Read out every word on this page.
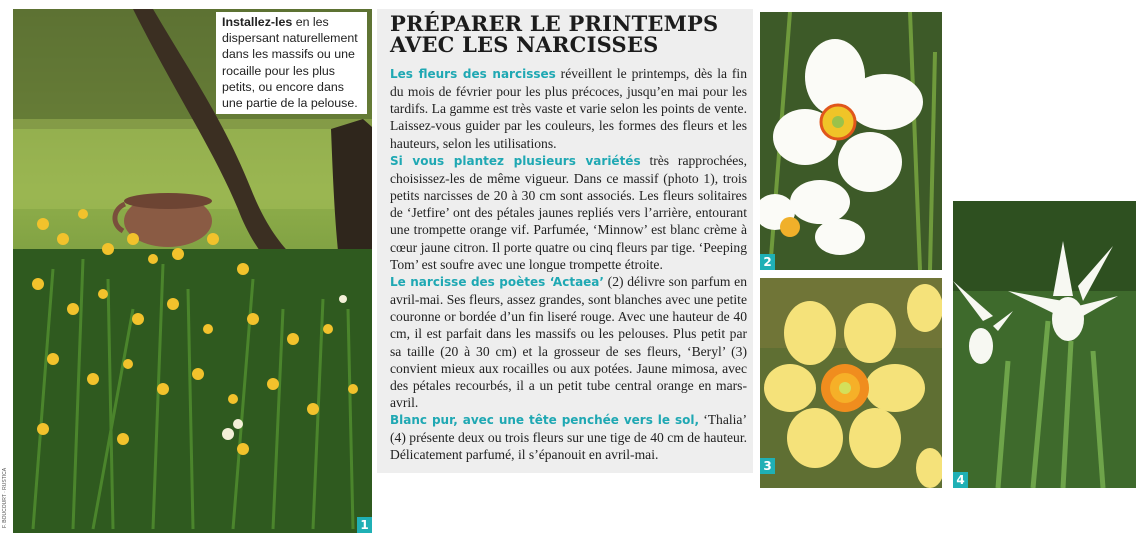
1
Installez-les en les dispersant naturellement dans les massifs ou une rocaille pour les plus petits, ou encore dans une partie de la pelouse.
F. BOUCOURT · RUSTICA
PRÉPARER LE PRINTEMPS
AVEC LES NARCISSES

Les fleurs des narcisses réveillent le printemps, dès la fin du mois de février pour les plus précoces, jusqu’en mai pour les tardifs. La gamme est très vaste et varie selon les points de vente. Laissez-vous guider par les couleurs, les formes des fleurs et les hauteurs, selon les utilisations.
Si vous plantez plusieurs variétés très rapprochées, choisissez-les de même vigueur. Dans ce massif (photo 1), trois petits narcisses de 20 à 30 cm sont associés. Les fleurs solitaires de ‘Jetfire’ ont des pétales jaunes repliés vers l’arrière, entourant une trompette orange vif. Parfumée, ‘Minnow’ est blanc crème à cœur jaune citron. Il porte quatre ou cinq fleurs par tige. ‘Peeping Tom’ est soufre avec une longue trompette étroite.
Le narcisse des poètes ‘Actaea’ (2) délivre son parfum en avril-mai. Ses fleurs, assez grandes, sont blanches avec une petite couronne or bordée d’un fin liseré rouge. Avec une hauteur de 40 cm, il est parfait dans les massifs ou les pelouses. Plus petit par sa taille (20 à 30 cm) et la grosseur de ses fleurs, ‘Beryl’ (3) convient mieux aux rocailles ou aux potées. Jaune mimosa, avec des pétales recourbés, il a un petit tube central orange en mars-avril.
Blanc pur, avec une tête penchée vers le sol, ‘Thalia’ (4) présente deux ou trois fleurs sur une tige de 40 cm de hauteur. Délicatement parfumé, il s’épanouit en avril-mai.

2
3
4
